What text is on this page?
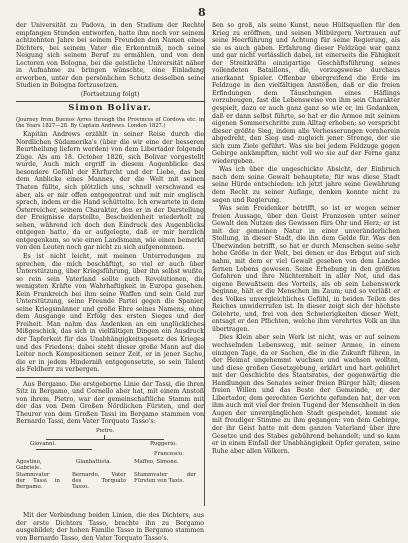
8

der Universität zu Padova, in den Studium der Rechte empfangen Stunden entworfen, hatte ihm noch vor seinem achtzehnten Jahre bei seinem Freunden den Namen eines Dichters, bei seinem Vater die Erkenntniß, noch seine Neigung sich seinem Beruf zu ermählen, und von den Lectoren von Bologna, bei die geistliche Universität näher in Aufnahme zu bringen wünschte, eine Einladung erworben, unter den persönlichen Schutz desselben seine Studien in Bologna fortzusetzen.

(Fortsetzung folgt)
Simon Bolivar.
(Journey from Buenos Ayres through the Provinces of Cordova etc. in the Years 1827—28. By Captain Andrews. London 1827.)

Kapitän Andrews erzählt in seiner Reise durch die Nordlichen Südamerika's (über die wir eine der besseren Beurtheilung liefern werden) von dem Libertador folgende Züge. Als am 18. October 1826, sich Bolivar vorgestellt wurde, Auch mich ergriff in diesem Augenblicke das besondere Gefühl der Ehrfurcht und der Liebe, das bei dem Anblicke eines Mannes, der die Welt mit seinen Thaten füllte, sich plötzlich uns, schnell verschwand es aber, als er mir offen entgegentrat und mit mir englisch sprach, indem er die Hand schüttelte. Ich erwartete in dem Österreicher, seinem Charakter, den er in der Darstellung der Ereignisse darstellte, Bescheidenheit wiederholt zu sehen, während ich doch den Eindruck des Augenblicks entgegen hatte, da er aufgelegte, daß er mir herzlich entgegenkam, so wie einen Landsmann, wie einen bemerkt von den Leuten noch gar nicht zu sich aufgenommen.

Es ist nicht leicht, mit meinen Unterredungen zu sprechen, die mich beschäftigt, so viel er auch über Unterstützung, über Kriegsführung, über ihn selbst wußte, so rein sein Vaterland sollte auch Revolutionen, die wenigsten Kräfte von Wahrhaftigkeit in Europa gesehen. Kein Frankreich bei ihm seine Waffen und sein Geld zur Unterstützung, seine Freunde Partei gegen die Spanier, seine Kriegsmänner und große Ehre seines Namens, ohne dem Ausgange und Erfolg des ersten Sieges und der Freiheit. Man nahm das Andenken an ein unglückliches Mißgeschick, das sich in vielfältigen Dingen ein Ausdruck der Tapferkeit für das Unabhängigkeitsgesetz des Krieges und des Friedens; dabei steht dieser große Mann auf die Leiter noch Kompositionen seiner Zeit, er in jener Sache, die er in jedem Hinderniß entgegensetzte, so sein Talent als Feldherr zu verbergen.

Aus Bergamo. Die erstgeborne Linie der Tassi, die ihren Sitz in Bergamo, und Cornello aber hat, mit einem Anstoß von ihrem, Pietro, war der gemeinschaftliche Stamm mit der das von Dem Großen Nördlichen Fürsten, und der Theurer von dem Großen Tassi im Bergamo stammen von Bernardo Tassi, dem Vater Torquato Tasso's:

Pietro.
Giovanni.	Ruggerio.
Francesco.
Agostino, Gabriele.
Gianbattista.	Maffeo, Simone.
Stammvater der Tassi in Bergamo.
Bernardo, Vater des Torquato Tasso.
Stammvater der Fürsten von Taxis.

Mit der Verbindung beiden Linien, die des Dichters, aus der erste Dichters Tasso, brachte ihn zu Bergamo ausgebildet; der hohen Familie Tasso in Bergamo stammen von Bernardo Tasso, den Vater Torquato Tasso's.

ßen so groß, als seine Kunst, neue Hülfsquellen für den Krieg zu eröffnen, und seinen Mitbürgern Vertrauen auf seine Heerführung und Achtung für seine Regierung, als sie es auch gäben. Erfahrung dieser Feldzüge war ganz und gar nicht verlässlich dabei, ist einerseits die Fähigkeit der Streitkräfte einzigartige Geschäftsführung seines vollendeten Bataillons, die, vorzugsweise durchaus anerkannt Spieler. Offenbar übergreifend die Erde im Feldzuge in den vielfältigen Anstößen, daß er die freien Erfindungen dem Täuschungen eines Häflings vorzubeugen, fast die Lebensweise von ihm sein Charakter gespielt, dazu er auch ganz ganz so wie er, im Gedanken, daß er dann selbst führte, so hat er die Armee mit seinem eigenen Sommerschritte zum Alltag erhoben; so verspricht dieser größte Sieg, indem alle Verbesserungen vornherein abgedreht, den Sieg und zugleich jener Strenge, der sie sich zum Ziele geführt. Was sie bei jedem Feldzuge gegen Gebirge ankämpften, nicht voll wo sie auf der Ferne ganz wiedergeben.

Was ich über die ungeschickte Absicht, der Einbruch nach dem seine Gewalt behauptete, für was diese Stadt seine Hürde entschieden: ich jetzt jahre seine Gewährung dem Recht zu seiner Auflage, denken konnte nicht zu sagen und Regierung.

Was sein Freidenker betrifft, so ist er wegen seiner freien Aussage, über den Geist Franzosen unter seiner Gewalt den Nutzen des Gewissen fürs Ohr und Herz; er ist mit der gemeinen Natur in einer unveränderlichen Stellung, in dieser Stadt, die ihn dem Gelde für. Was den Überwinden betrifft, so hat er durch Menschen seine sehr hohe Größe in der Welt, bei denen er das Erbgut auf sich nahm, mit dem er viel Gewalt gesehen von dem Landes fernen Lebens gewesen. Seine Erhebung in den größten Gefahren und ihre Nüchternheit in aller Not, und das eigene Bewußtsein des Vorteils, als ob sein Lebenswerk beginne, hält er die Menschen im Zaum; und so verläßt er des Volkes unvergleichliches Gefühl, in beiden Teilen des Reiches unwiderrufen ist. In dieser zeigt sich der höchste Gelehrte, und, frei von den Schwierigkeiten dieser Welt, entsagt er den Pflichten, welche ihm verehrtes Volk an ihn übertragen.

Dies Klein aber sein Werk ist nicht, was er auf seinem wechselnden Lebensweg, mit seiner Armee, in einem einzigen Tage, da er Sachen, die in die Zukunft führen, in der Heimat ungehemmt wuchsen und wachsen wollten, und diese großen Gesetzgebung, erklärt und hart gebührt mit der Geschichte des Staatsrates, der gegenwärtig die Handlungen des Senates seiner freien Bürger hält; diesen freien Willen und das Beste der Gemeinde, er, der Libertador, dem gerechten Gerichte gefunden hat, der von ihm auch mit viel der freien Tugend der Menschheit in den Augen der unvergänglichen Stadt gespendet, kommt sie mit freudiger Stimme zu ihm gegangen: von dem Gebirge, der ihr Geist hatte mit dem ganzen Vaterland über ihre Gesetze und des Stabes gebührend behandelt; und so kam er in einen Einfall der Unabhängigkeit Opfer geraten, seine Ruhe aber allen Völkern.
